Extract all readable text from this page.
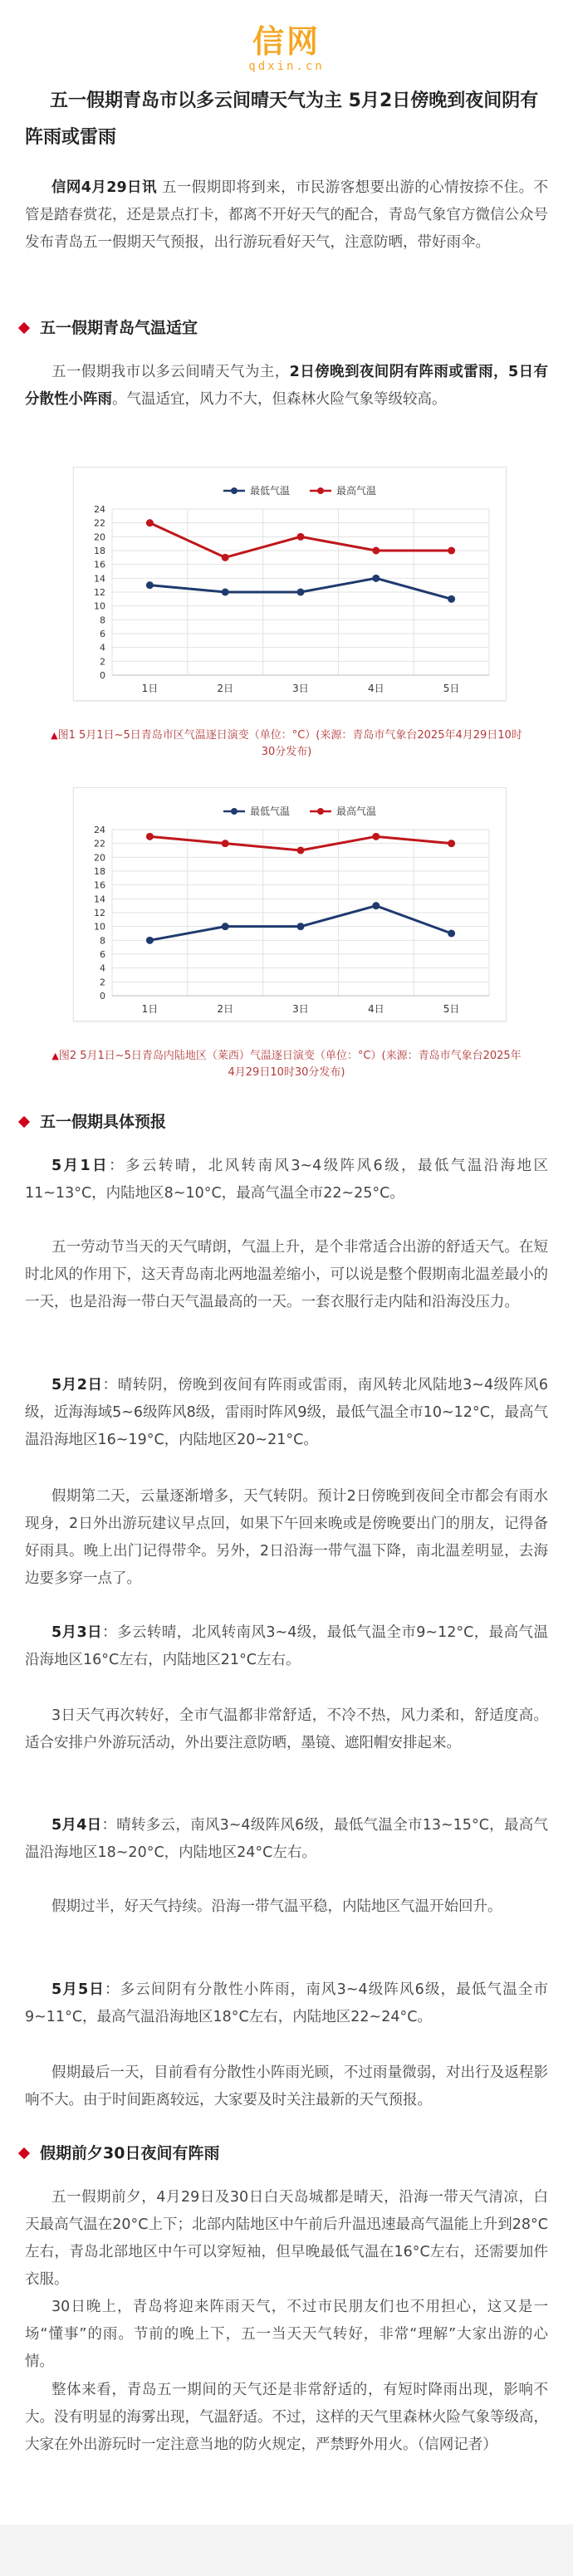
信网
qdxin.cn
五一假期青岛市以多云间晴天气为主 5月2日傍晚到夜间阴有阵雨或雷雨

信网4月29日讯 五一假期即将到来，市民游客想要出游的心情按捺不住。不管是踏春赏花，还是景点打卡，都离不开好天气的配合，青岛气象官方微信公众号发布青岛五一假期天气预报，出行游玩看好天气，注意防晒，带好雨伞。

五一假期青岛气温适宜

五一假期我市以多云间晴天气为主，2日傍晚到夜间阴有阵雨或雷雨，5日有分散性小阵雨。气温适宜，风力不大，但森林火险气象等级较高。

0
2
4
6
8
10
12
14
16
18
20
22
24
1日	2日	3日	4日	5日
最低气温	最高气温

▲图1 5月1日~5日青岛市区气温逐日演变（单位：°C）(来源：青岛市气象台2025年4月29日10时30分发布)

0
2
4
6
8
10
12
14
16
18
20
22
24
1日	2日	3日	4日	5日
最低气温	最高气温

▲图2 5月1日~5日青岛内陆地区（莱西）气温逐日演变（单位：°C）(来源：青岛市气象台2025年4月29日10时30分发布)

五一假期具体预报

5月1日：多云转晴，北风转南风3~4级阵风6级，最低气温沿海地区11~13°C，内陆地区8~10°C，最高气温全市22~25°C。

五一劳动节当天的天气晴朗，气温上升，是个非常适合出游的舒适天气。在短时北风的作用下，这天青岛南北两地温差缩小，可以说是整个假期南北温差最小的一天，也是沿海一带白天气温最高的一天。一套衣服行走内陆和沿海没压力。

5月2日：晴转阴，傍晚到夜间有阵雨或雷雨，南风转北风陆地3~4级阵风6级，近海海域5~6级阵风8级，雷雨时阵风9级，最低气温全市10~12°C，最高气温沿海地区16~19°C，内陆地区20~21°C。

假期第二天，云量逐渐增多，天气转阴。预计2日傍晚到夜间全市都会有雨水现身，2日外出游玩建议早点回，如果下午回来晚或是傍晚要出门的朋友，记得备好雨具。晚上出门记得带伞。另外，2日沿海一带气温下降，南北温差明显，去海边要多穿一点了。

5月3日：多云转晴，北风转南风3~4级，最低气温全市9~12°C，最高气温沿海地区16°C左右，内陆地区21°C左右。

3日天气再次转好，全市气温都非常舒适，不冷不热，风力柔和，舒适度高。适合安排户外游玩活动，外出要注意防晒，墨镜、遮阳帽安排起来。

5月4日：晴转多云，南风3~4级阵风6级，最低气温全市13~15°C，最高气温沿海地区18~20°C，内陆地区24°C左右。

假期过半，好天气持续。沿海一带气温平稳，内陆地区气温开始回升。

5月5日：多云间阴有分散性小阵雨，南风3~4级阵风6级，最低气温全市9~11°C，最高气温沿海地区18°C左右，内陆地区22~24°C。

假期最后一天，目前看有分散性小阵雨光顾，不过雨量微弱，对出行及返程影响不大。由于时间距离较远，大家要及时关注最新的天气预报。

假期前夕30日夜间有阵雨

五一假期前夕，4月29日及30日白天岛城都是晴天，沿海一带天气清凉，白天最高气温在20°C上下；北部内陆地区中午前后升温迅速最高气温能上升到28°C左右，青岛北部地区中午可以穿短袖，但早晚最低气温在16°C左右，还需要加件衣服。

30日晚上，青岛将迎来阵雨天气，不过市民朋友们也不用担心，这又是一场“懂事”的雨。节前的晚上下，五一当天天气转好，非常“理解”大家出游的心情。

整体来看，青岛五一期间的天气还是非常舒适的，有短时降雨出现，影响不大。没有明显的海雾出现，气温舒适。不过，这样的天气里森林火险气象等级高，大家在外出游玩时一定注意当地的防火规定，严禁野外用火。（信网记者）
